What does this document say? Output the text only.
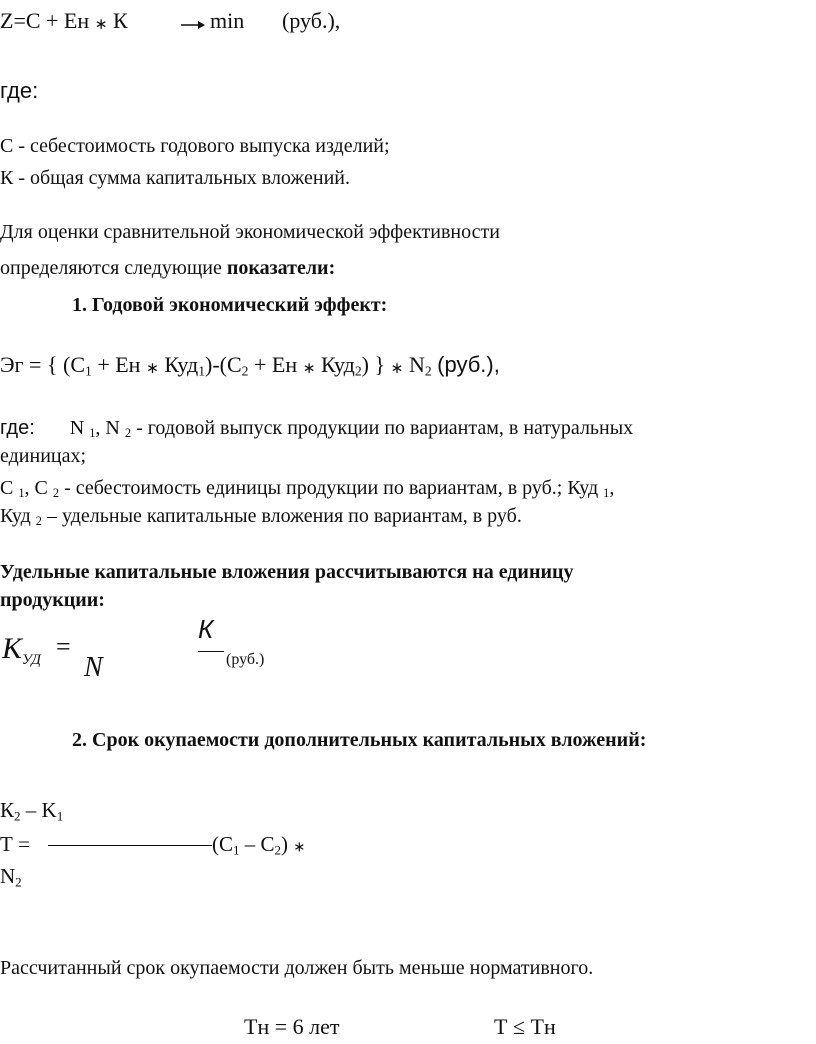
Z=С + Ен ∗ К	min (руб.),
где:
С - себестоимость годового выпуска изделий;
К - общая сумма капитальных вложений.
Для оценки сравнительной экономической эффективности
определяются следующие показатели:
1. Годовой экономический эффект:
Эг = { ($С_1$ + Ен ∗ $Куд_1)-(С_2$ + Ен ∗ Куд$_2$) } ∗ $N_2$ (руб.),
где: N $_1$, N $_2$ - годовой выпуск продукции по вариантам, в натуральных
единицах;
С $_1$, С $_2$ - себестоимость единицы продукции по вариантам, в руб.; Куд $_1$,
Куд $_2$ – удельные капитальные вложения по вариантам, в руб.
Удельные капитальные вложения рассчитываются на единицу
продукции:
$К_{УД}$ =
N
К
(руб.)
2. Срок окупаемости дополнительных капитальных вложений:
$К_2 - K_1$
Т =	$(С_1 - С_2)$ ∗
$N_2$
Рассчитанный срок окупаемости должен быть меньше нормативного.
Тн = 6 лет	Т ≤ Тн
